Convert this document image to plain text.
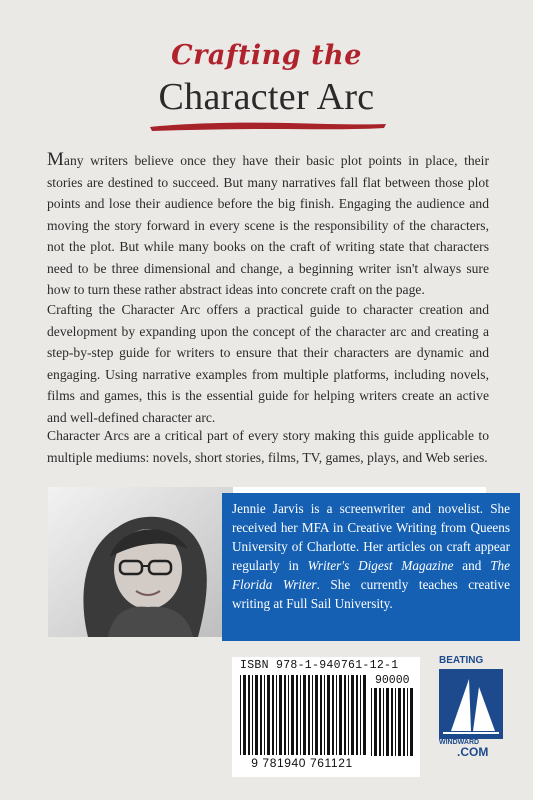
Crafting the
Character Arc

Many writers believe once they have their basic plot points in place, their stories are destined to succeed. But many narratives fall flat between those plot points and lose their audience before the big finish. Engaging the audience and moving the story forward in every scene is the responsibility of the characters, not the plot. But while many books on the craft of writing state that characters need to be three dimensional and change, a beginning writer isn't always sure how to turn these rather abstract ideas into concrete craft on the page.

Crafting the Character Arc offers a practical guide to character creation and development by expanding upon the concept of the character arc and creating a step-by-step guide for writers to ensure that their characters are dynamic and engaging. Using narrative examples from multiple platforms, including novels, films and games, this is the essential guide for helping writers create an active and well-defined character arc.

Character Arcs are a critical part of every story making this guide applicable to multiple mediums: novels, short stories, films, TV, games, plays, and Web series.

Jennie Jarvis is a screenwriter and novelist. She received her MFA in Creative Writing from Queens University of Charlotte. Her articles on craft appear regularly in Writer's Digest Magazine and The Florida Writer. She currently teaches creative writing at Full Sail University.
ISBN 978-1-940761-12-1
90000
9 781940 761121
BEATING
WINDWARD
.COM
